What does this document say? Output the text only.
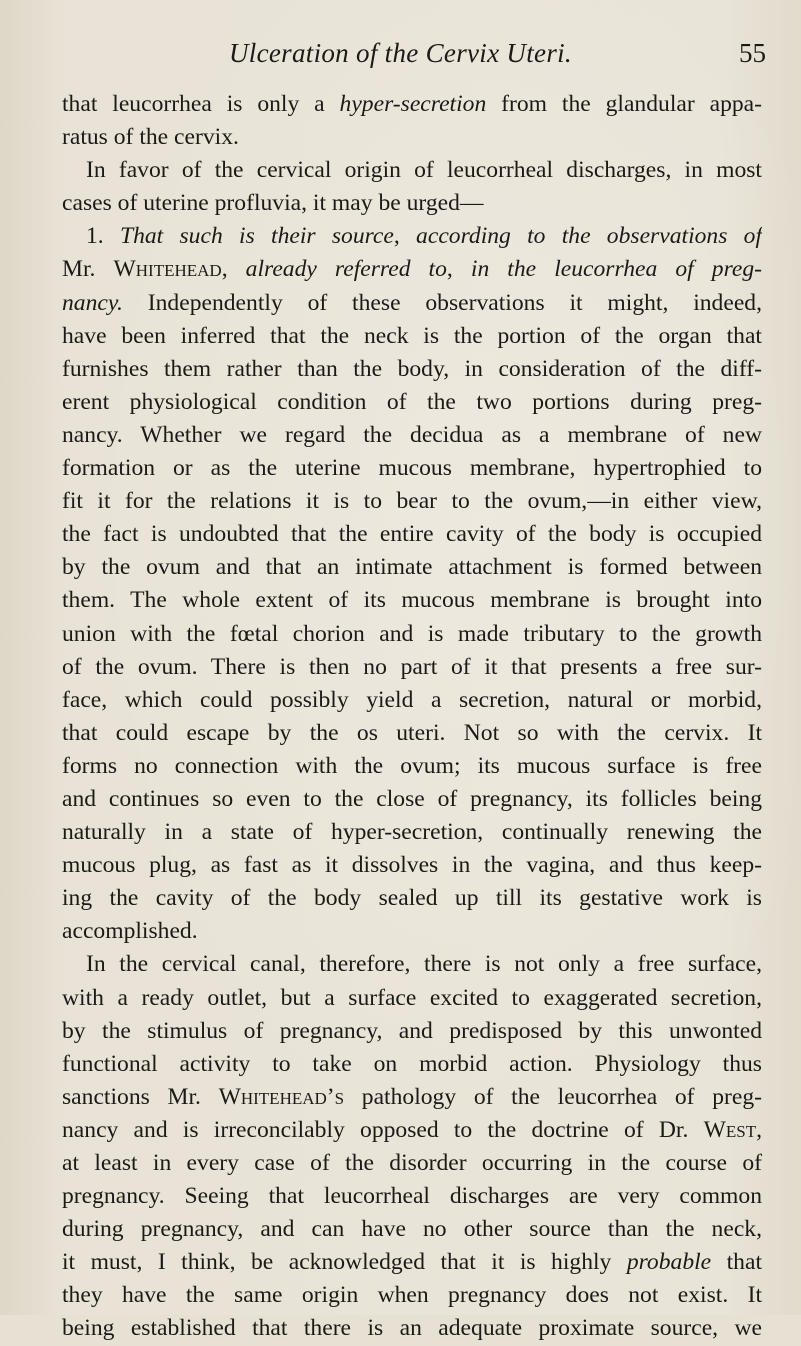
Ulceration of the Cervix Uteri.	55
that leucorrhea is only a hyper-secretion from the glandular appa-
ratus of the cervix.
In favor of the cervical origin of leucorrheal discharges, in most
cases of uterine profluvia, it may be urged—
1. That such is their source, according to the observations of
Mr. Whitehead, already referred to, in the leucorrhea of preg-
nancy. Independently of these observations it might, indeed,
have been inferred that the neck is the portion of the organ that
furnishes them rather than the body, in consideration of the diff-
erent physiological condition of the two portions during preg-
nancy. Whether we regard the decidua as a membrane of new
formation or as the uterine mucous membrane, hypertrophied to
fit it for the relations it is to bear to the ovum,—in either view,
the fact is undoubted that the entire cavity of the body is occupied
by the ovum and that an intimate attachment is formed between
them. The whole extent of its mucous membrane is brought into
union with the fœtal chorion and is made tributary to the growth
of the ovum. There is then no part of it that presents a free sur-
face, which could possibly yield a secretion, natural or morbid,
that could escape by the os uteri. Not so with the cervix. It
forms no connection with the ovum; its mucous surface is free
and continues so even to the close of pregnancy, its follicles being
naturally in a state of hyper-secretion, continually renewing the
mucous plug, as fast as it dissolves in the vagina, and thus keep-
ing the cavity of the body sealed up till its gestative work is
accomplished.
In the cervical canal, therefore, there is not only a free surface,
with a ready outlet, but a surface excited to exaggerated secretion,
by the stimulus of pregnancy, and predisposed by this unwonted
functional activity to take on morbid action. Physiology thus
sanctions Mr. Whitehead’s pathology of the leucorrhea of preg-
nancy and is irreconcilably opposed to the doctrine of Dr. West,
at least in every case of the disorder occurring in the course of
pregnancy. Seeing that leucorrheal discharges are very common
during pregnancy, and can have no other source than the neck,
it must, I think, be acknowledged that it is highly probable that
they have the same origin when pregnancy does not exist. It
being established that there is an adequate proximate source, we
